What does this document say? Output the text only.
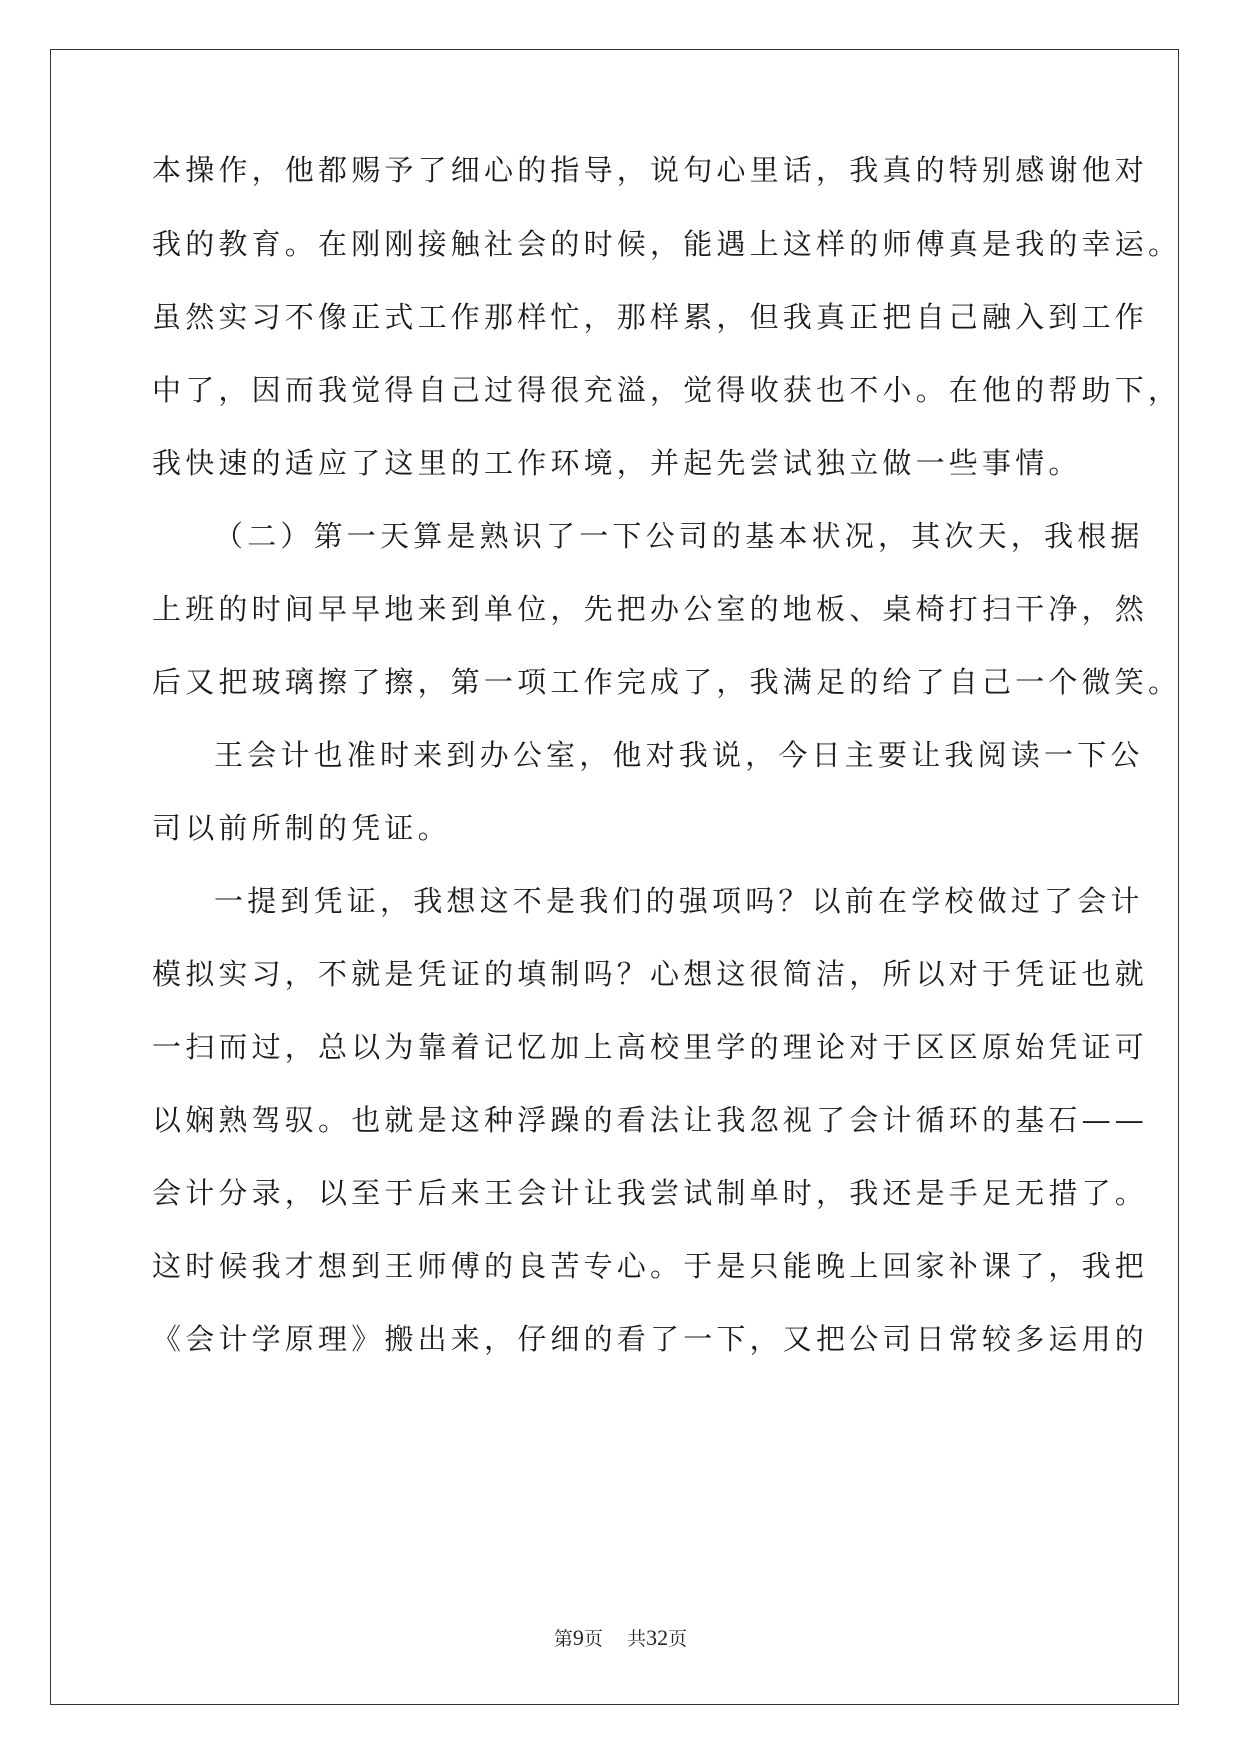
本操作，他都赐予了细心的指导，说句心里话，我真的特别感谢他对
我的教育。在刚刚接触社会的时候，能遇上这样的师傅真是我的幸运。
虽然实习不像正式工作那样忙，那样累，但我真正把自己融入到工作
中了，因而我觉得自己过得很充溢，觉得收获也不小。在他的帮助下，
我快速的适应了这里的工作环境，并起先尝试独立做一些事情。
（二）第一天算是熟识了一下公司的基本状况，其次天，我根据
上班的时间早早地来到单位，先把办公室的地板、桌椅打扫干净，然
后又把玻璃擦了擦，第一项工作完成了，我满足的给了自己一个微笑。
王会计也准时来到办公室，他对我说，今日主要让我阅读一下公
司以前所制的凭证。
一提到凭证，我想这不是我们的强项吗？以前在学校做过了会计
模拟实习，不就是凭证的填制吗？心想这很简洁，所以对于凭证也就
一扫而过，总以为靠着记忆加上高校里学的理论对于区区原始凭证可
以娴熟驾驭。也就是这种浮躁的看法让我忽视了会计循环的基石——
会计分录，以至于后来王会计让我尝试制单时，我还是手足无措了。
这时候我才想到王师傅的良苦专心。于是只能晚上回家补课了，我把
《会计学原理》搬出来，仔细的看了一下，又把公司日常较多运用的
第9页 共32页
